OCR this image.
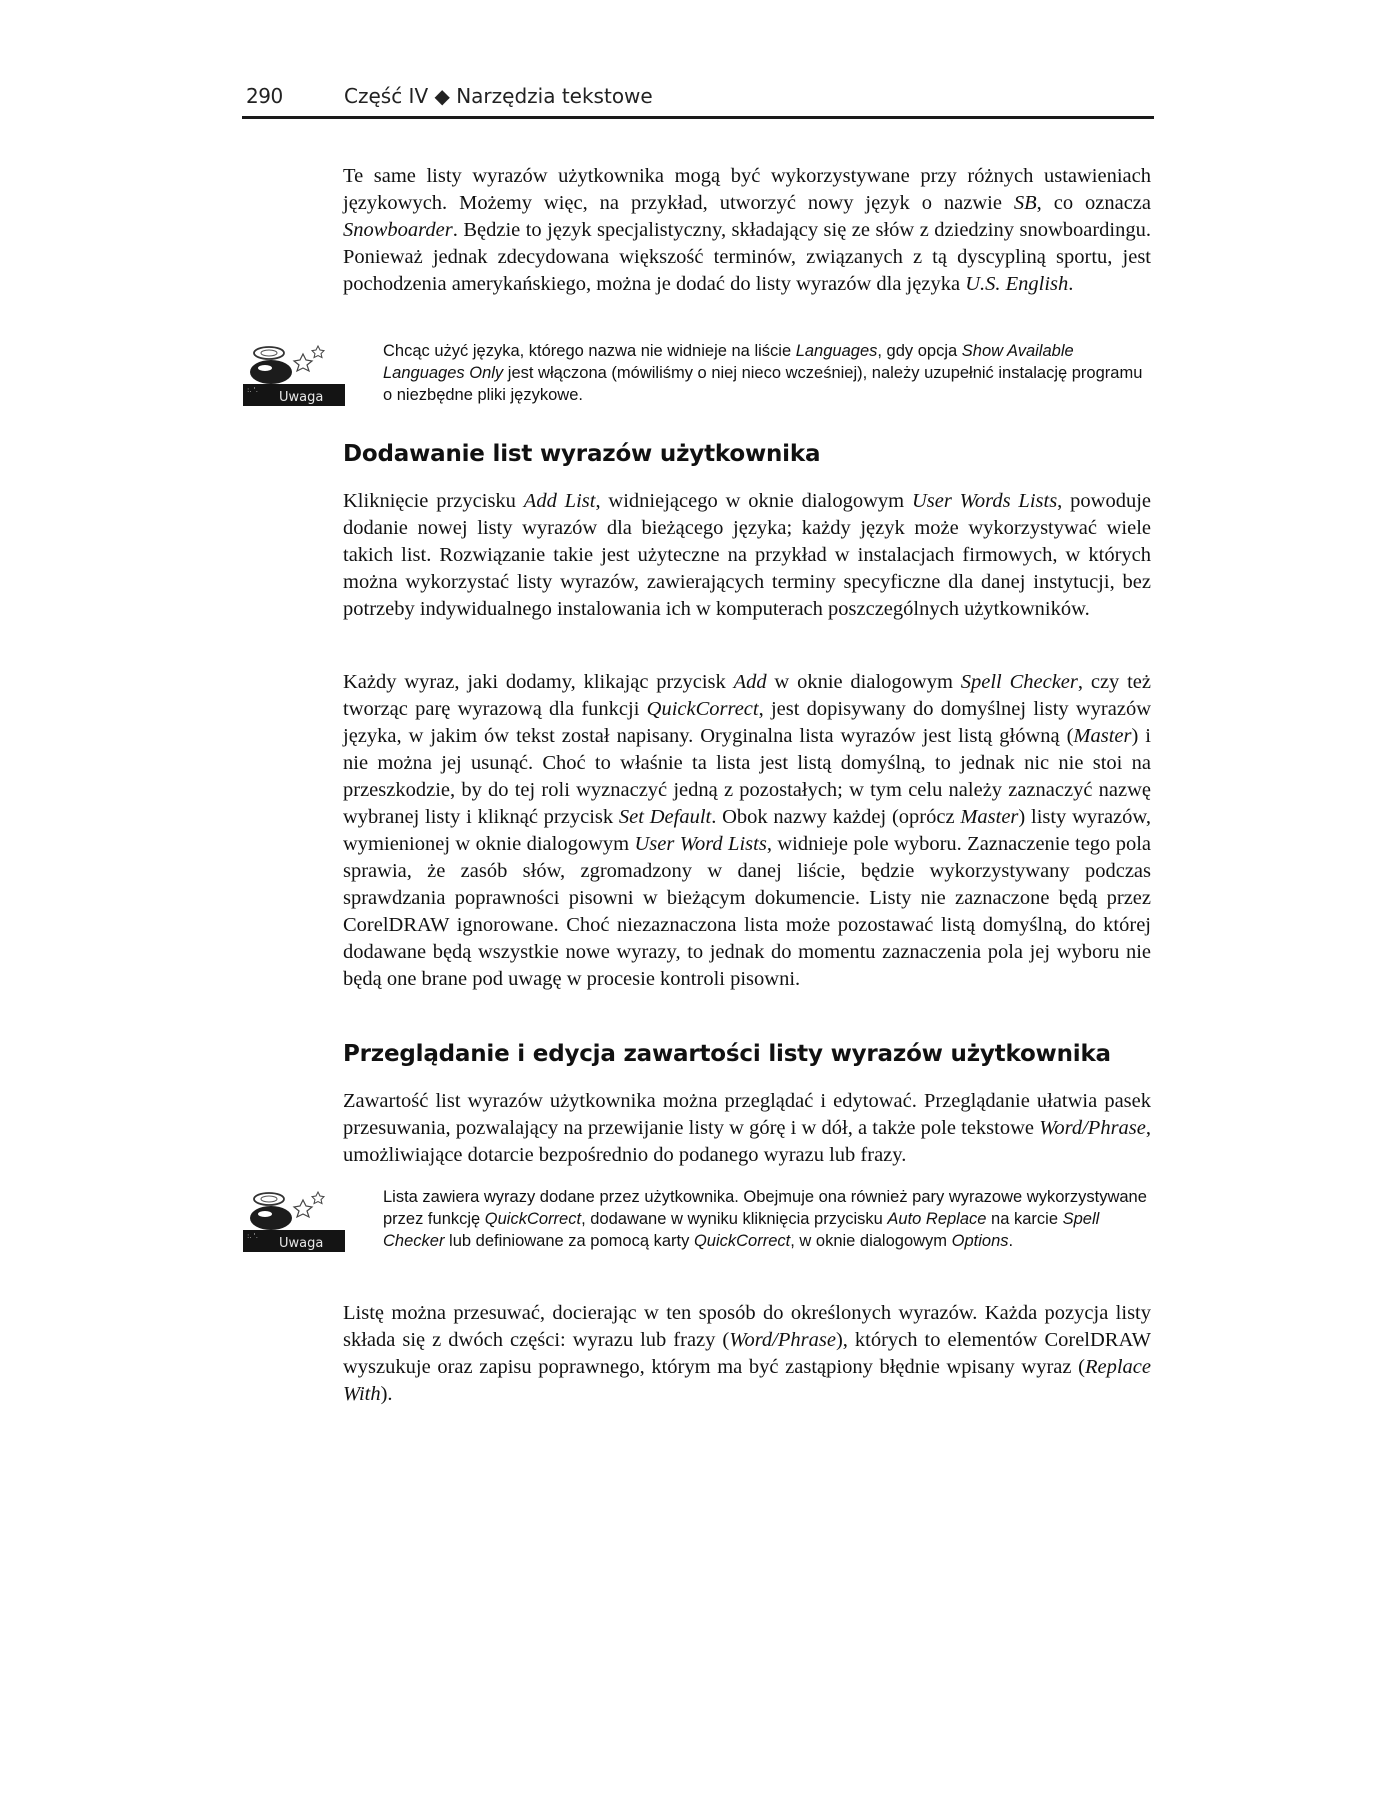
290	Część IV ◆ Narzędzia tekstowe

Te same listy wyrazów użytkownika mogą być wykorzystywane przy różnych ustawieniach językowych. Możemy więc, na przykład, utworzyć nowy język o nazwie SB, co oznacza Snowboarder. Będzie to język specjalistyczny, składający się ze słów z dziedziny snowboardingu. Ponieważ jednak zdecydowana większość terminów, związanych z tą dyscypliną sportu, jest pochodzenia amerykańskiego, można je dodać do listy wyrazów dla języka U.S. English.

:. '. Uwaga

Chcąc użyć języka, którego nazwa nie widnieje na liście Languages, gdy opcja Show Available Languages Only jest włączona (mówiliśmy o niej nieco wcześniej), należy uzupełnić instalację programu o niezbędne pliki językowe.

Dodawanie list wyrazów użytkownika

Kliknięcie przycisku Add List, widniejącego w oknie dialogowym User Words Lists, powoduje dodanie nowej listy wyrazów dla bieżącego języka; każdy język może wykorzystywać wiele takich list. Rozwiązanie takie jest użyteczne na przykład w instalacjach firmowych, w których można wykorzystać listy wyrazów, zawierających terminy specyficzne dla danej instytucji, bez potrzeby indywidualnego instalowania ich w komputerach poszczególnych użytkowników.

Każdy wyraz, jaki dodamy, klikając przycisk Add w oknie dialogowym Spell Checker, czy też tworząc parę wyrazową dla funkcji QuickCorrect, jest dopisywany do domyślnej listy wyrazów języka, w jakim ów tekst został napisany. Oryginalna lista wyrazów jest listą główną (Master) i nie można jej usunąć. Choć to właśnie ta lista jest listą domyślną, to jednak nic nie stoi na przeszkodzie, by do tej roli wyznaczyć jedną z pozostałych; w tym celu należy zaznaczyć nazwę wybranej listy i kliknąć przycisk Set Default. Obok nazwy każdej (oprócz Master) listy wyrazów, wymienionej w oknie dialogowym User Word Lists, widnieje pole wyboru. Zaznaczenie tego pola sprawia, że zasób słów, zgromadzony w danej liście, będzie wykorzystywany podczas sprawdzania poprawności pisowni w bieżącym dokumencie. Listy nie zaznaczone będą przez CorelDRAW ignorowane. Choć niezaznaczona lista może pozostawać listą domyślną, do której dodawane będą wszystkie nowe wyrazy, to jednak do momentu zaznaczenia pola jej wyboru nie będą one brane pod uwagę w procesie kontroli pisowni.

Przeglądanie i edycja zawartości listy wyrazów użytkownika

Zawartość list wyrazów użytkownika można przeglądać i edytować. Przeglądanie ułatwia pasek przesuwania, pozwalający na przewijanie listy w górę i w dół, a także pole tekstowe Word/Phrase, umożliwiające dotarcie bezpośrednio do podanego wyrazu lub frazy.

:. '. Uwaga

Lista zawiera wyrazy dodane przez użytkownika. Obejmuje ona również pary wyrazowe wykorzystywane przez funkcję QuickCorrect, dodawane w wyniku kliknięcia przycisku Auto Replace na karcie Spell Checker lub definiowane za pomocą karty QuickCorrect, w oknie dialogowym Options.

Listę można przesuwać, docierając w ten sposób do określonych wyrazów. Każda pozycja listy składa się z dwóch części: wyrazu lub frazy (Word/Phrase), których to elementów CorelDRAW wyszukuje oraz zapisu poprawnego, którym ma być zastąpiony błędnie wpisany wyraz (Replace With).
